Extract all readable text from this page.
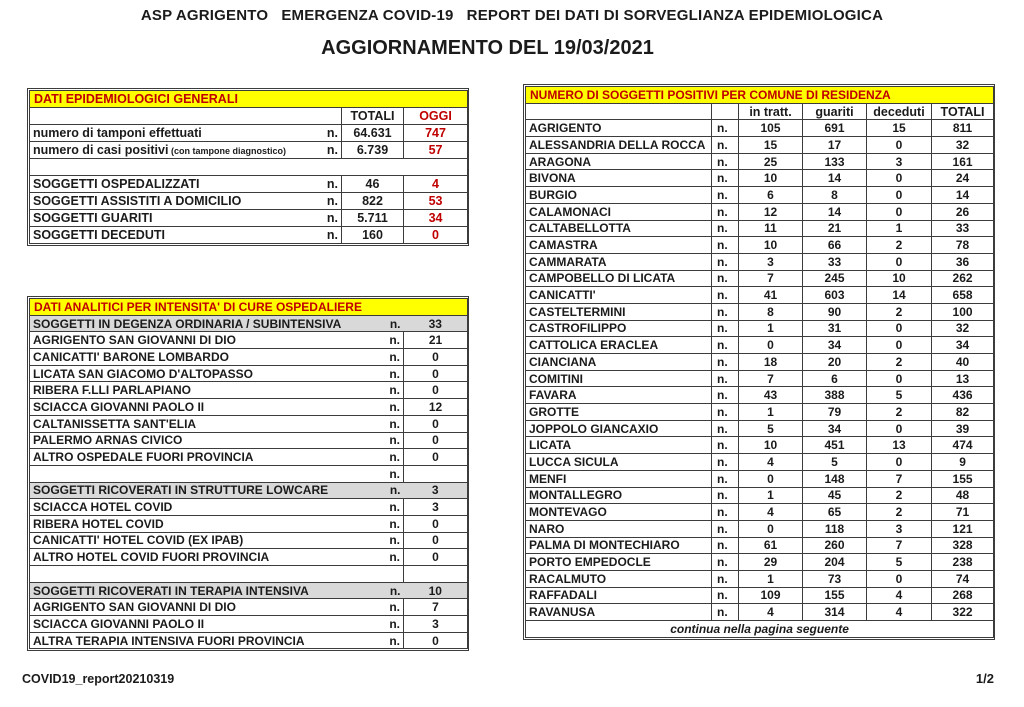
ASP AGRIGENTO   EMERGENZA COVID-19   REPORT DEI DATI DI SORVEGLIANZA EPIDEMIOLOGICA
AGGIORNAMENTO DEL 19/03/2021
DATI EPIDEMIOLOGICI GENERALI		
	TOTALI	OGGI

numero di tamponi effettuati n.	64.631	747

numero di casi positivi (con tampone diagnostico) n.	6.739	57

SOGGETTI OSPEDALIZZATI n.	46	4

SOGGETTI ASSISTITI A DOMICILIO n.	822	53

SOGGETTI GUARITI n.	5.711	34

SOGGETTI DECEDUTI n.	160	0
DATI ANALITICI PER INTENSITA' DI CURE OSPEDALIERE	

SOGGETTI IN DEGENZA ORDINARIA / SUBINTENSIVA n.	33

AGRIGENTO SAN GIOVANNI DI DIO n.	21

CANICATTI' BARONE LOMBARDO n.	0

LICATA SAN GIACOMO D'ALTOPASSO n.	0

RIBERA F.LLI PARLAPIANO n.	0

SCIACCA GIOVANNI PAOLO II n.	12

CALTANISSETTA SANT'ELIA n.	0

PALERMO ARNAS CIVICO n.	0

ALTRO OSPEDALE FUORI PROVINCIA n.	0

n.	

SOGGETTI RICOVERATI IN STRUTTURE LOWCARE n.	3

SCIACCA HOTEL COVID n.	3

RIBERA HOTEL COVID n.	0

CANICATTI' HOTEL COVID (EX IPAB) n.	0

ALTRO HOTEL COVID FUORI PROVINCIA n.	0

SOGGETTI RICOVERATI IN TERAPIA INTENSIVA n.	10

AGRIGENTO SAN GIOVANNI DI DIO n.	7

SCIACCA GIOVANNI PAOLO II n.	3

ALTRA TERAPIA INTENSIVA FUORI PROVINCIA n.	0
NUMERO DI SOGGETTI POSITIVI PER COMUNE DI RESIDENZA					
		in tratt.	guariti	deceduti	TOTALI
AGRIGENTO	n.	105	691	15	811
ALESSANDRIA DELLA ROCCA	n.	15	17	0	32
ARAGONA	n.	25	133	3	161
BIVONA	n.	10	14	0	24
BURGIO	n.	6	8	0	14
CALAMONACI	n.	12	14	0	26
CALTABELLOTTA	n.	11	21	1	33
CAMASTRA	n.	10	66	2	78
CAMMARATA	n.	3	33	0	36
CAMPOBELLO DI LICATA	n.	7	245	10	262
CANICATTI'	n.	41	603	14	658
CASTELTERMINI	n.	8	90	2	100
CASTROFILIPPO	n.	1	31	0	32
CATTOLICA ERACLEA	n.	0	34	0	34
CIANCIANA	n.	18	20	2	40
COMITINI	n.	7	6	0	13
FAVARA	n.	43	388	5	436
GROTTE	n.	1	79	2	82
JOPPOLO GIANCAXIO	n.	5	34	0	39
LICATA	n.	10	451	13	474
LUCCA SICULA	n.	4	5	0	9
MENFI	n.	0	148	7	155
MONTALLEGRO	n.	1	45	2	48
MONTEVAGO	n.	4	65	2	71
NARO	n.	0	118	3	121
PALMA DI MONTECHIARO	n.	61	260	7	328
PORTO EMPEDOCLE	n.	29	204	5	238
RACALMUTO	n.	1	73	0	74
RAFFADALI	n.	109	155	4	268
RAVANUSA	n.	4	314	4	322
continua nella pagina seguente					
COVID19_report20210319	1/2
